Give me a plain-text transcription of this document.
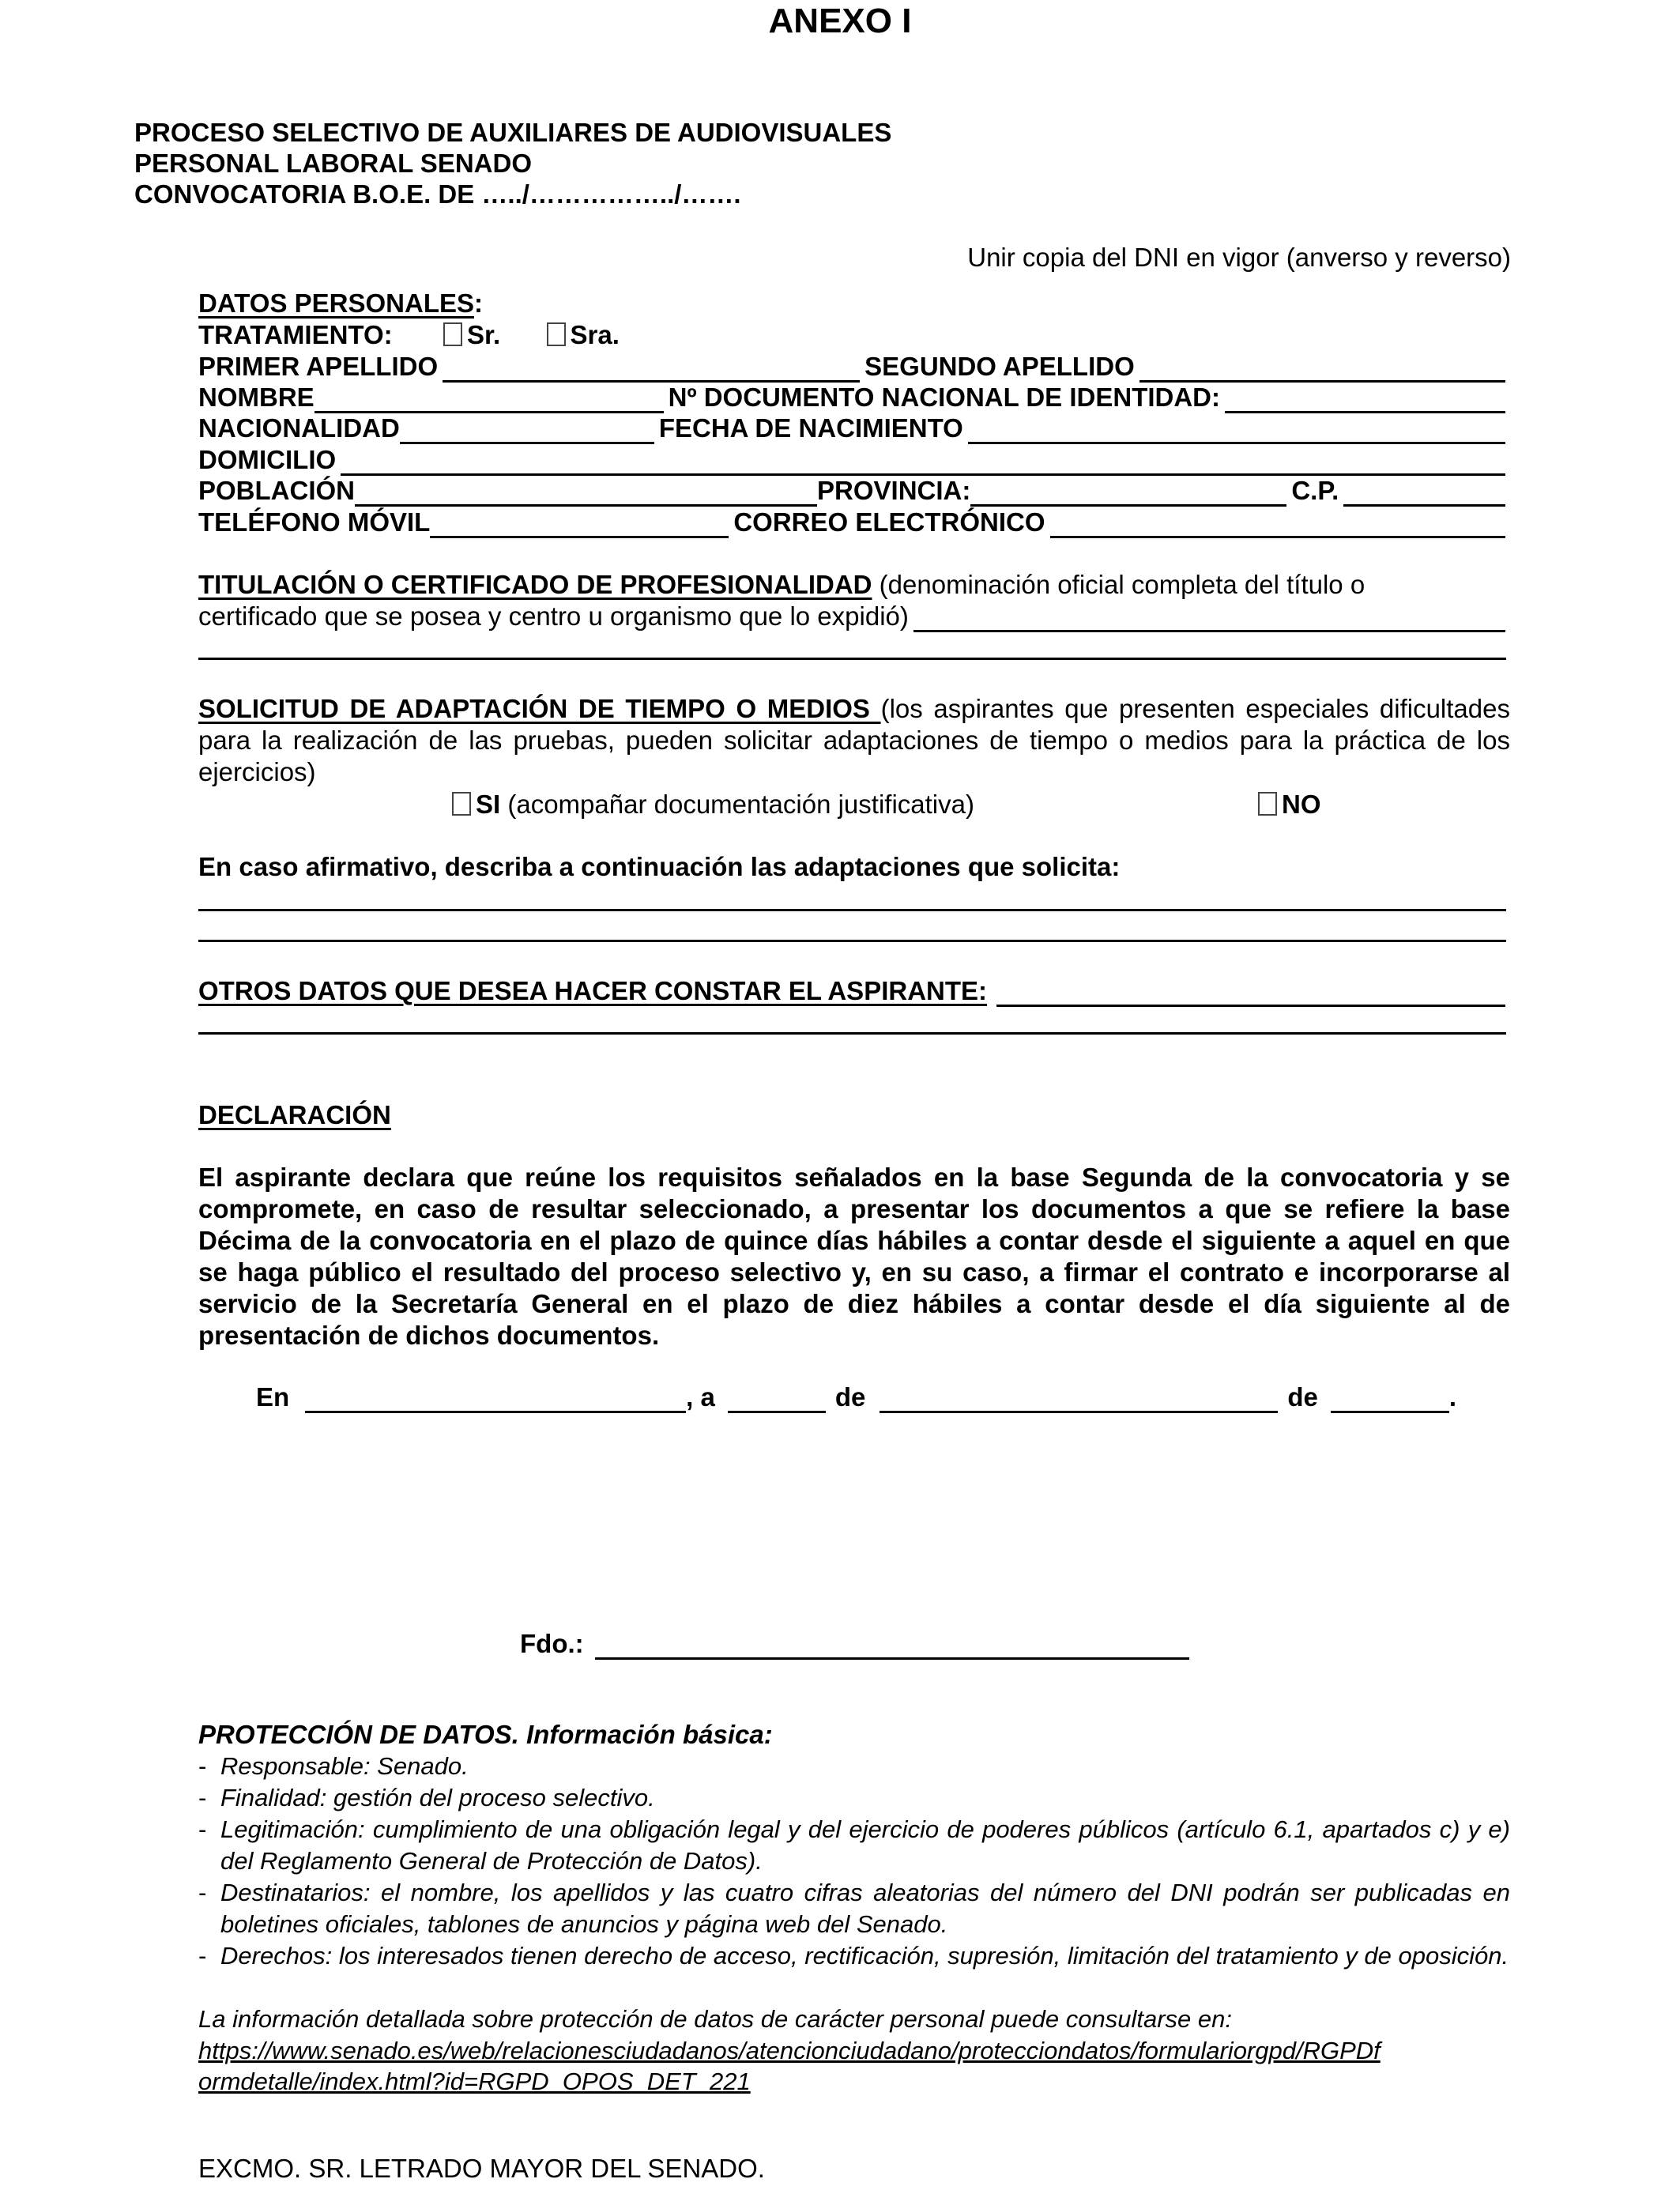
ANEXO I
PROCESO SELECTIVO DE AUXILIARES DE AUDIOVISUALES
PERSONAL LABORAL SENADO
CONVOCATORIA B.O.E. DE …../……………../…….
Unir copia del DNI en vigor (anverso y reverso)
DATOS PERSONALES:
TRATAMIENTO:	Sr.	Sra.
PRIMER APELLIDO	SEGUNDO APELLIDO
NOMBRE	Nº DOCUMENTO NACIONAL DE IDENTIDAD:
NACIONALIDAD	FECHA DE NACIMIENTO
DOMICILIO
POBLACIÓN	PROVINCIA:	C.P.
TELÉFONO MÓVIL	CORREO ELECTRÓNICO
TITULACIÓN O CERTIFICADO DE PROFESIONALIDAD (denominación oficial completa del título o
certificado que se posea y centro u organismo que lo expidió)
SOLICITUD DE ADAPTACIÓN DE TIEMPO O MEDIOS (los aspirantes que presenten especiales dificultades para la realización de las pruebas, pueden solicitar adaptaciones de tiempo o medios para la práctica de los ejercicios)
SI (acompañar documentación justificativa)	NO
En caso afirmativo, describa a continuación las adaptaciones que solicita:
OTROS DATOS QUE DESEA HACER CONSTAR EL ASPIRANTE:
DECLARACIÓN
El aspirante declara que reúne los requisitos señalados en la base Segunda de la convocatoria y se compromete, en caso de resultar seleccionado, a presentar los documentos a que se refiere la base Décima de la convocatoria en el plazo de quince días hábiles a contar desde el siguiente a aquel en que se haga público el resultado del proceso selectivo y, en su caso, a firmar el contrato e incorporarse al servicio de la Secretaría General en el plazo de diez hábiles a contar desde el día siguiente al de presentación de dichos documentos.
En	, a	de	de	.
Fdo.:
PROTECCIÓN DE DATOS. Información básica:
- Responsable: Senado.
- Finalidad: gestión del proceso selectivo.
- Legitimación: cumplimiento de una obligación legal y del ejercicio de poderes públicos (artículo 6.1, apartados c) y e) del Reglamento General de Protección de Datos).
- Destinatarios: el nombre, los apellidos y las cuatro cifras aleatorias del número del DNI podrán ser publicadas en boletines oficiales, tablones de anuncios y página web del Senado.
- Derechos: los interesados tienen derecho de acceso, rectificación, supresión, limitación del tratamiento y de oposición.
La información detallada sobre protección de datos de carácter personal puede consultarse en:
https://www.senado.es/web/relacionesciudadanos/atencionciudadano/protecciondatos/formulariorgpd/RGPDf
ormdetalle/index.html?id=RGPD_OPOS_DET_221
EXCMO. SR. LETRADO MAYOR DEL SENADO.
